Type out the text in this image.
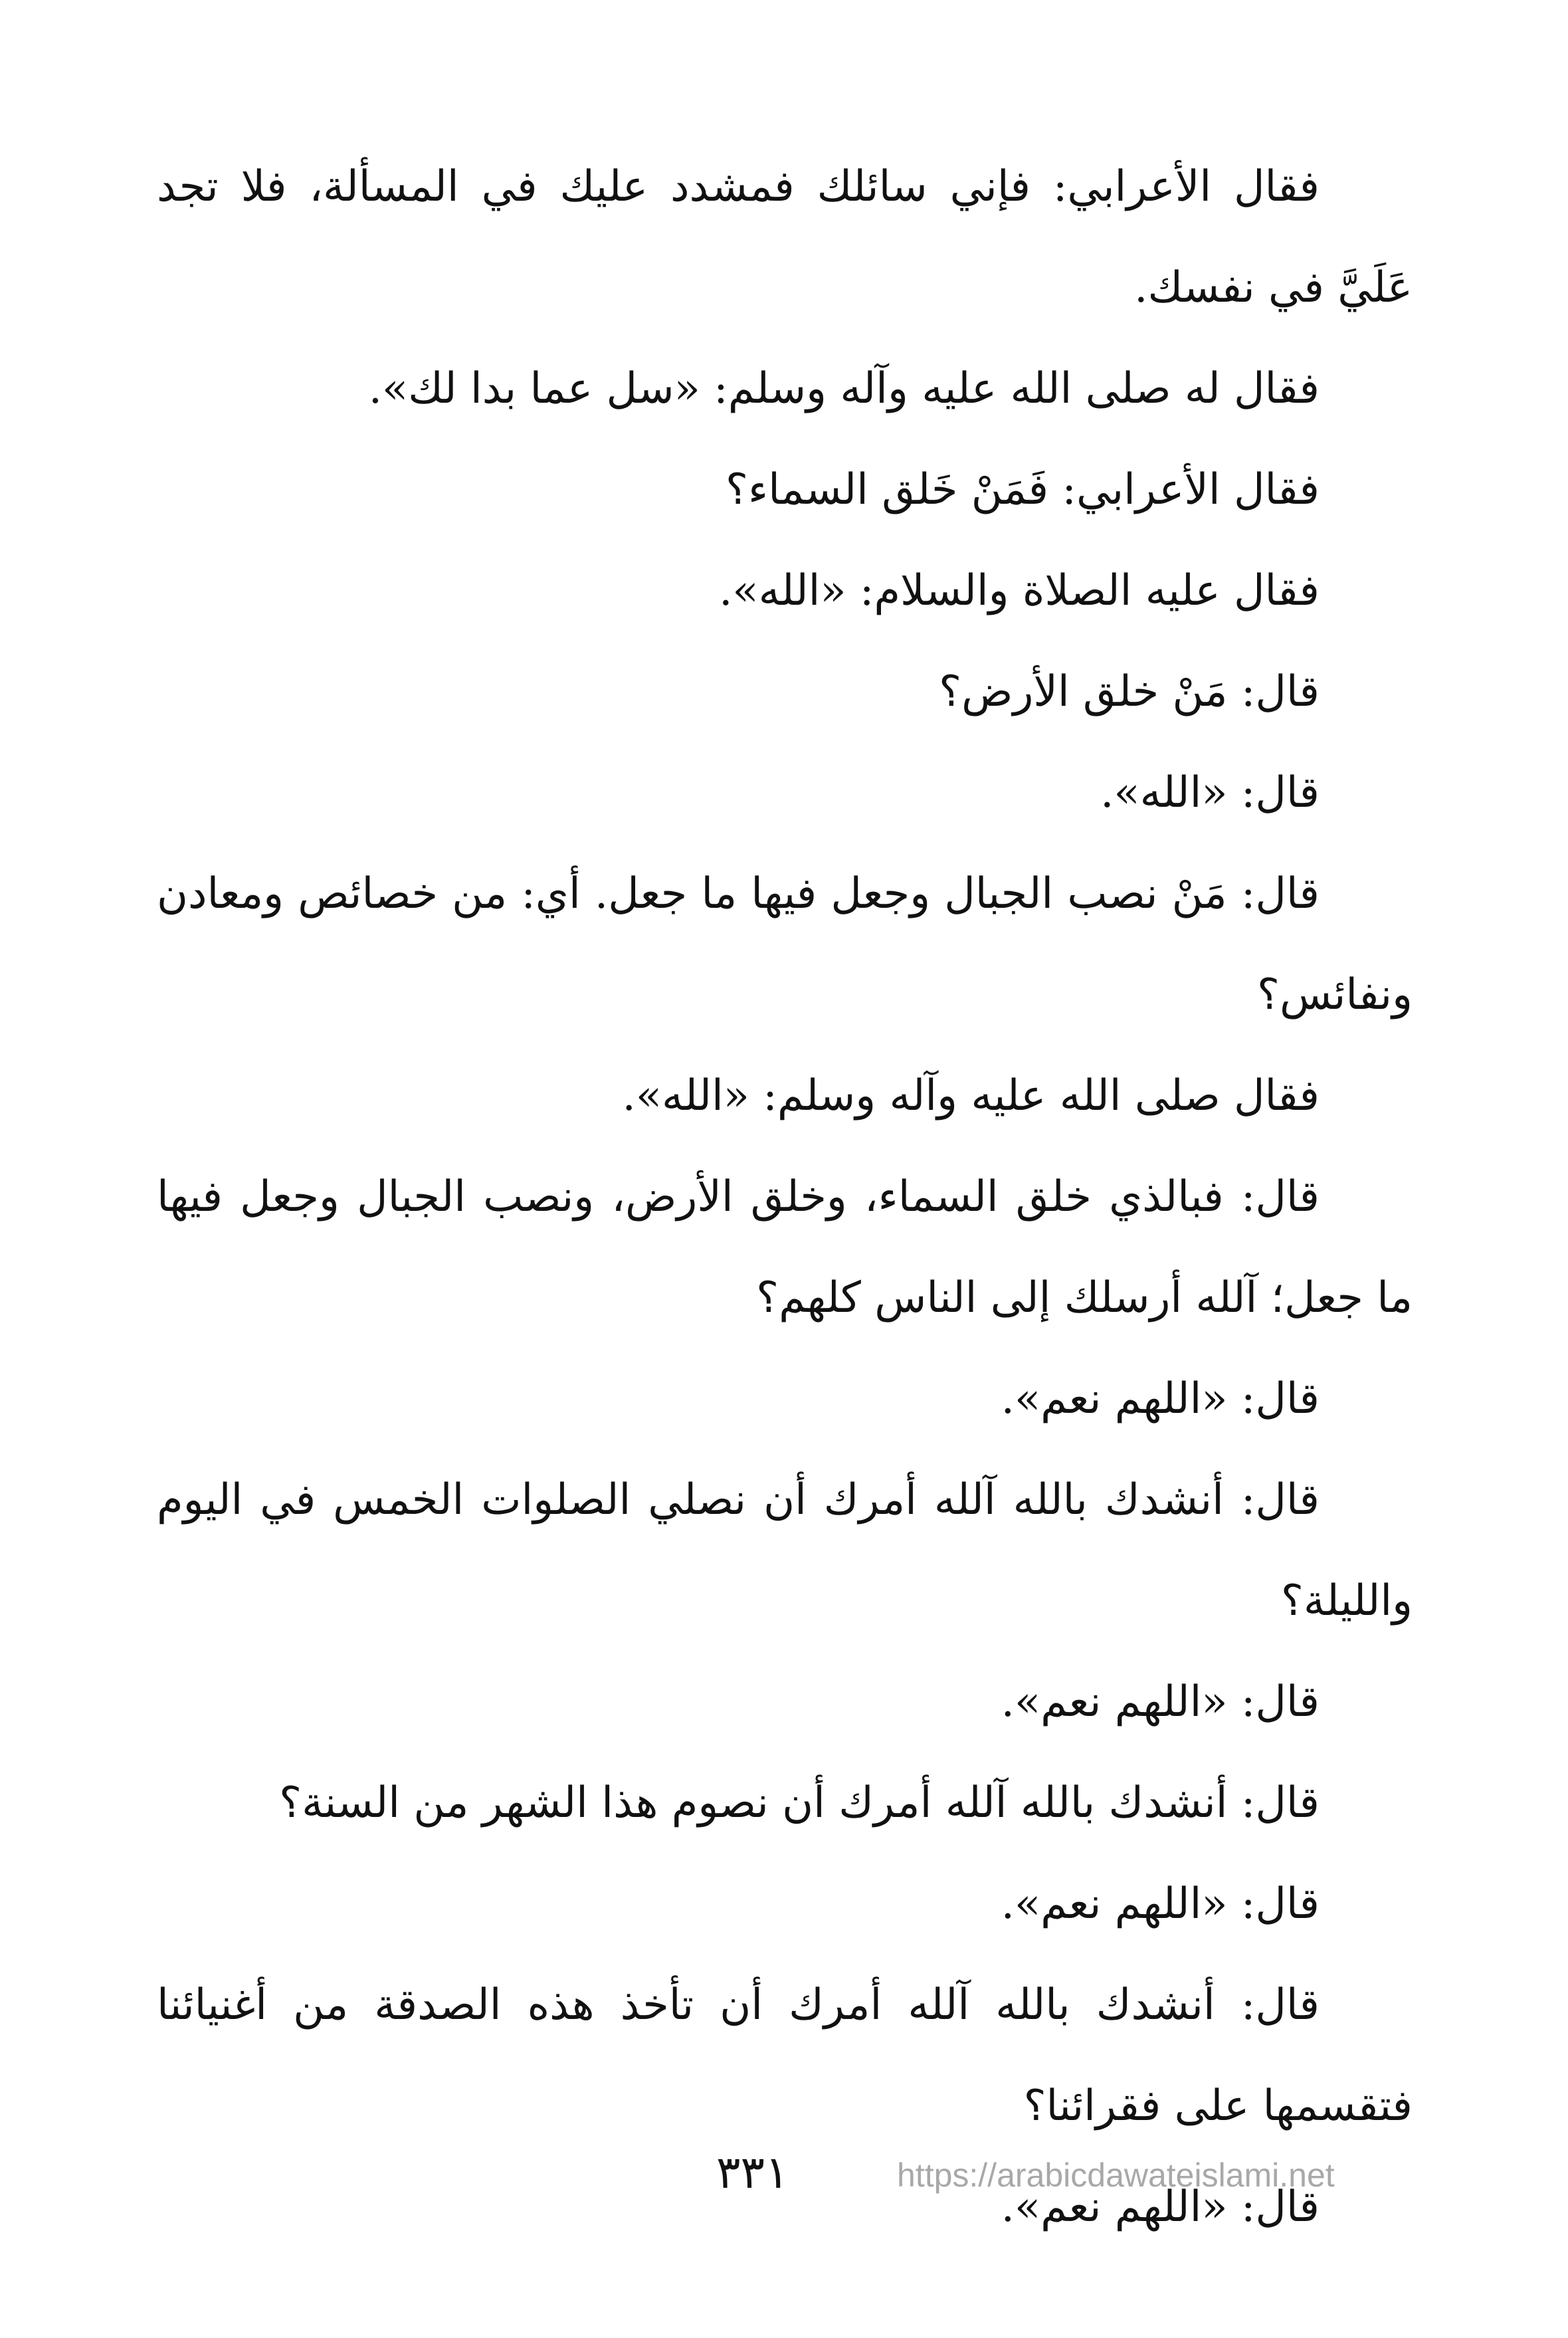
فقال الأعرابي: فإني سائلك فمشدد عليك في المسألة، فلا تجد عَلَيَّ في نفسك.

فقال له صلى الله عليه وآله وسلم: «سل عما بدا لك».

فقال الأعرابي: فَمَنْ خَلق السماء؟

فقال عليه الصلاة والسلام: «الله».

قال: مَنْ خلق الأرض؟

قال: «الله».

قال: مَنْ نصب الجبال وجعل فيها ما جعل. أي: من خصائص ومعادن ونفائس؟

فقال صلى الله عليه وآله وسلم: «الله».

قال: فبالذي خلق السماء، وخلق الأرض، ونصب الجبال وجعل فيها ما جعل؛ آلله أرسلك إلى الناس كلهم؟

قال: «اللهم نعم».

قال: أنشدك بالله آلله أمرك أن نصلي الصلوات الخمس في اليوم والليلة؟

قال: «اللهم نعم».

قال: أنشدك بالله آلله أمرك أن نصوم هذا الشهر من السنة؟

قال: «اللهم نعم».

قال: أنشدك بالله آلله أمرك أن تأخذ هذه الصدقة من أغنيائنا فتقسمها على فقرائنا؟

قال: «اللهم نعم».

٣٣١	https://arabicdawateislami.net
